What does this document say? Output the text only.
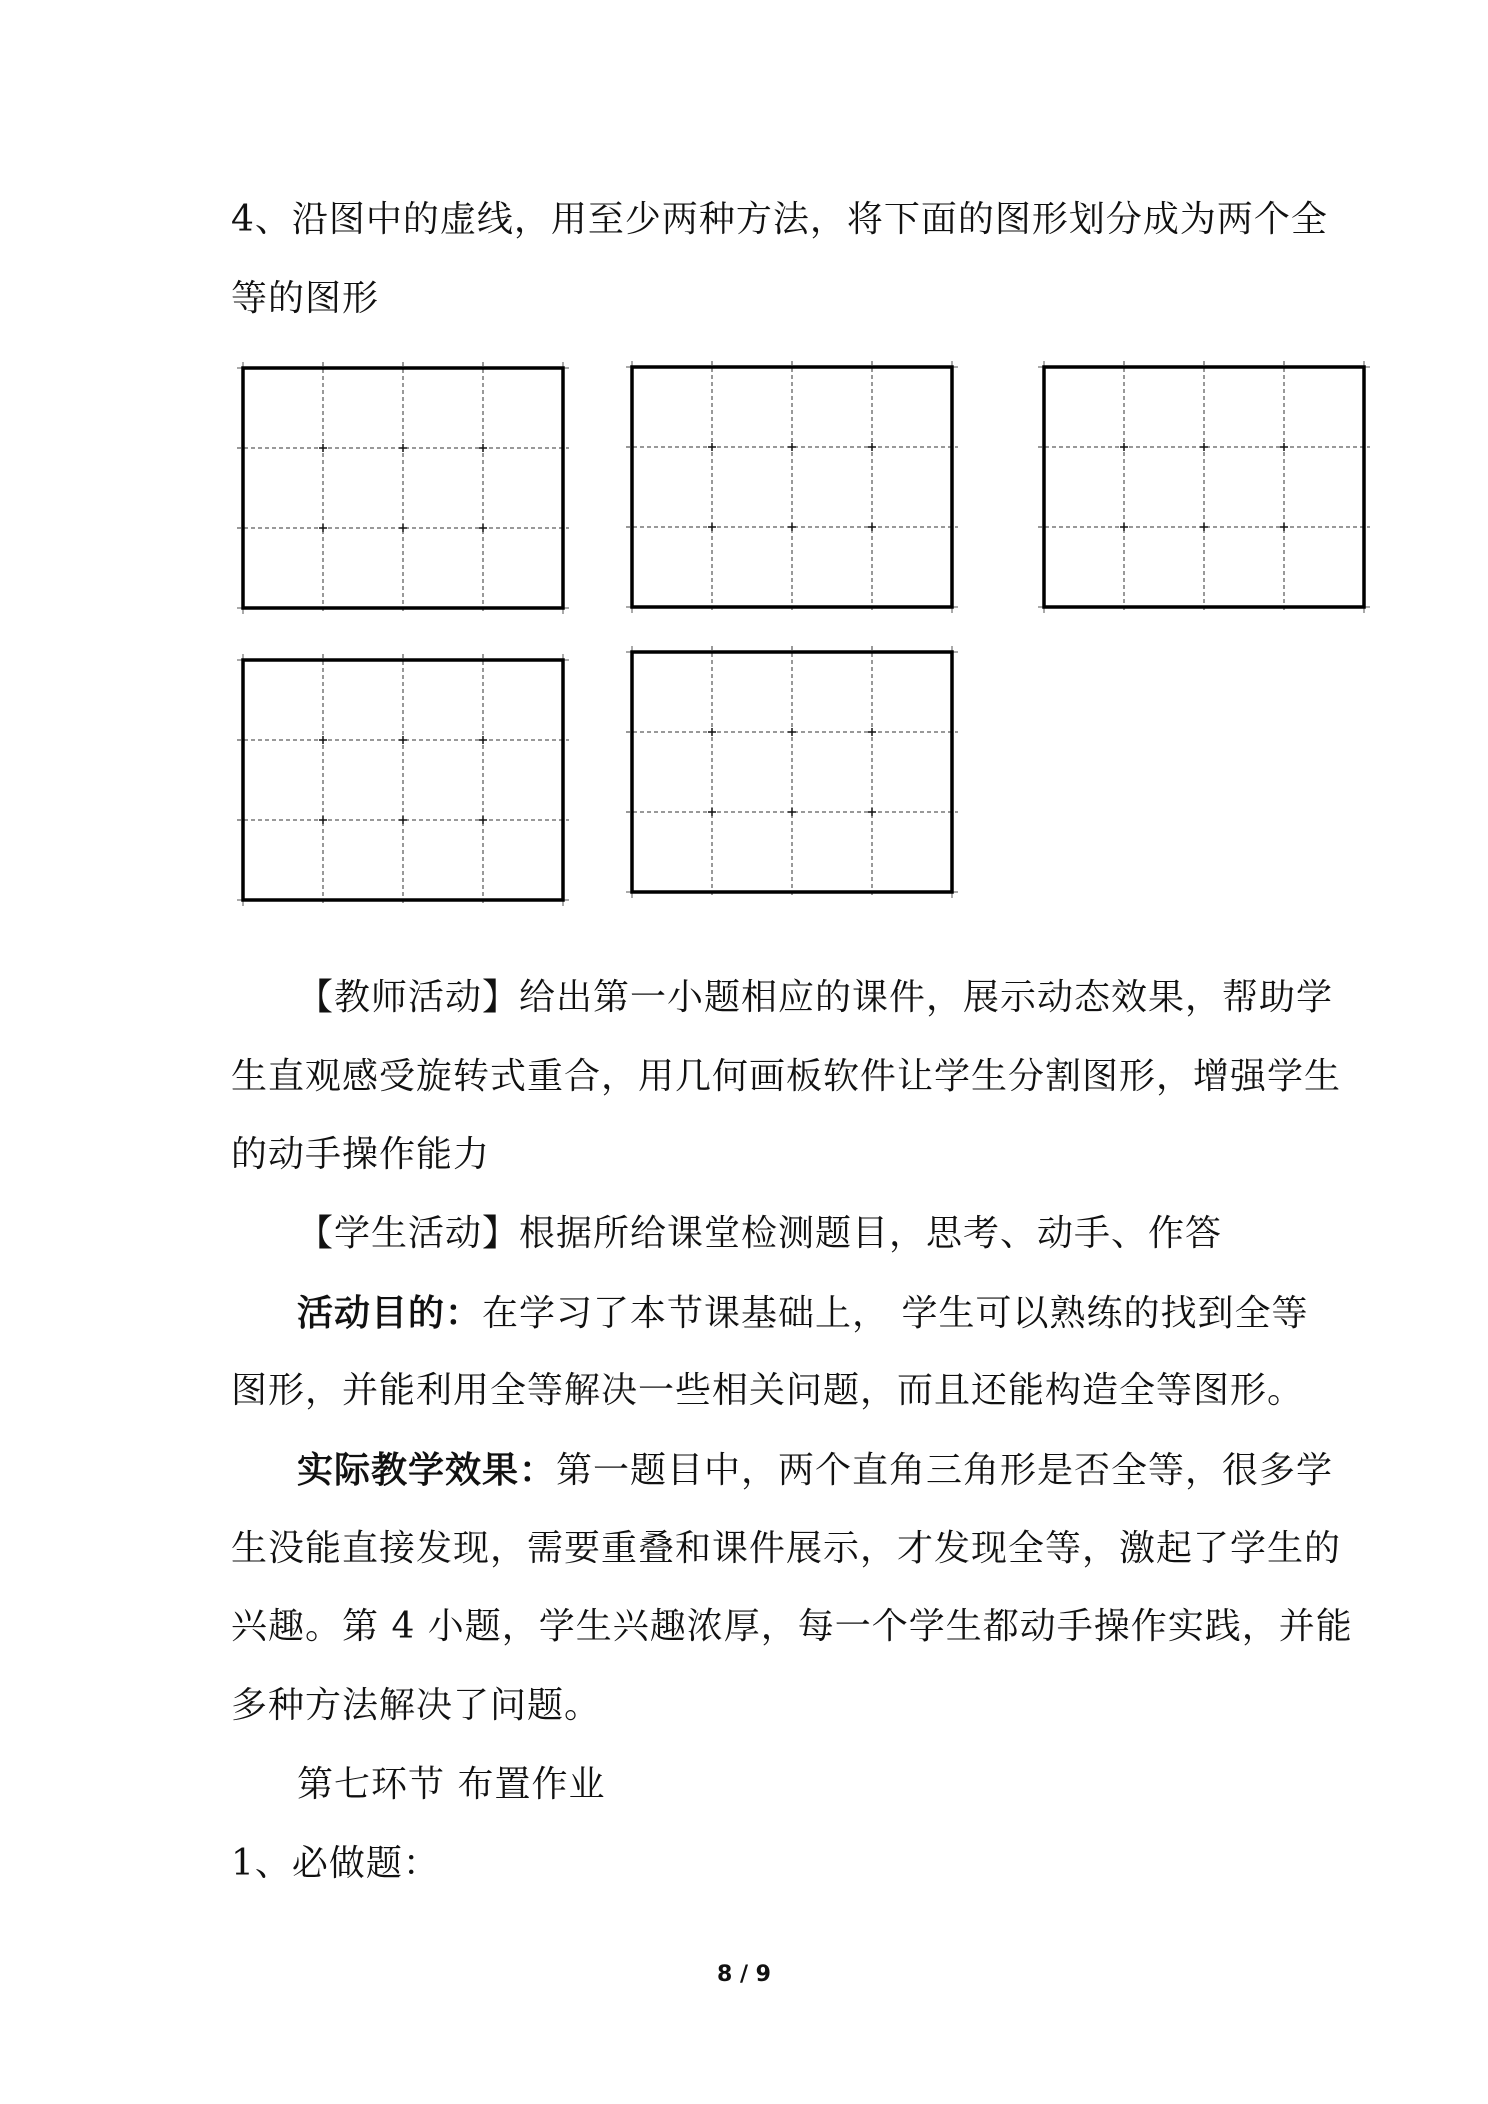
4、沿图中的虚线，用至少两种方法，将下面的图形划分成为两个全
等的图形
【教师活动】给出第一小题相应的课件，展示动态效果，帮助学
生直观感受旋转式重合，用几何画板软件让学生分割图形，增强学生
的动手操作能力
【学生活动】根据所给课堂检测题目，思考、动手、作答
活动目的：在学习了本节课基础上， 学生可以熟练的找到全等
图形，并能利用全等解决一些相关问题，而且还能构造全等图形。
实际教学效果：第一题目中，两个直角三角形是否全等，很多学
生没能直接发现，需要重叠和课件展示，才发现全等，激起了学生的
兴趣。第 4 小题，学生兴趣浓厚，每一个学生都动手操作实践，并能
多种方法解决了问题。
第七环节 布置作业
1、必做题：
8 / 9
